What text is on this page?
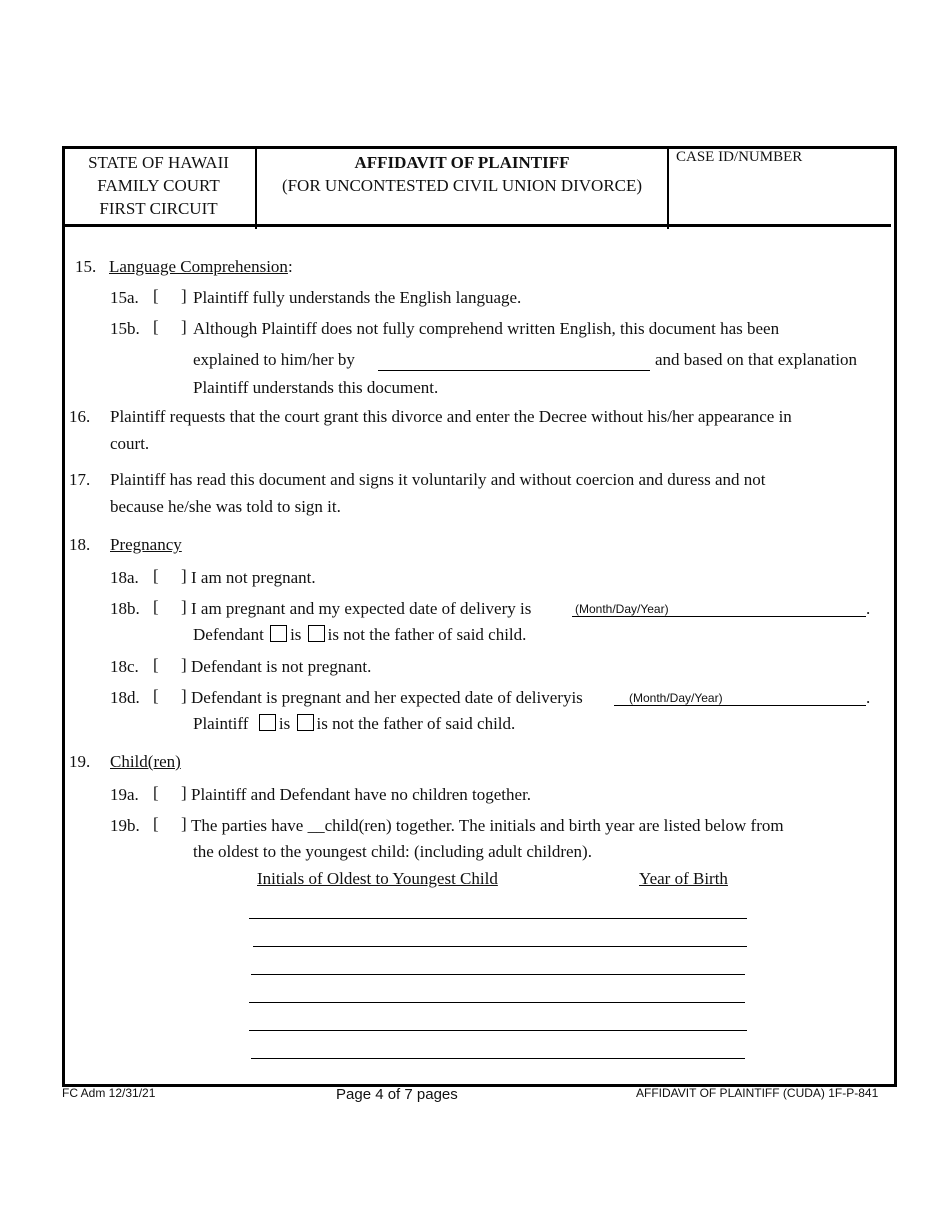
STATE OF HAWAII
FAMILY COURT
FIRST CIRCUIT
AFFIDAVIT OF PLAINTIFF
(FOR UNCONTESTED CIVIL UNION DIVORCE)
CASE ID/NUMBER
15. Language Comprehension:
15a. [ ] Plaintiff fully understands the English language.
15b. [ ] Although Plaintiff does not fully comprehend written English, this document has been
explained to him/her by	and based on that explanation
Plaintiff understands this document.
16. Plaintiff requests that the court grant this divorce and enter the Decree without his/her appearance in
court.
17. Plaintiff has read this document and signs it voluntarily and without coercion and duress and not
because he/she was told to sign it.
18. Pregnancy
18a. [ ] I am not pregnant.
18b. [ ] I am pregnant and my expected date of delivery is	(Month/Day/Year)	.
Defendant is is not the father of said child.
18c. [ ] Defendant is not pregnant.
18d. [ ] Defendant is pregnant and her expected date of deliveryis	(Month/Day/Year)	.
Plaintiff is is not the father of said child.
19. Child(ren)
19a. [ ] Plaintiff and Defendant have no children together.
19b. [ ] The parties have __child(ren) together. The initials and birth year are listed below from
the oldest to the youngest child: (including adult children).
Initials of Oldest to Youngest Child	Year of Birth
FC Adm 12/31/21	Page 4 of 7 pages	AFFIDAVIT OF PLAINTIFF (CUDA) 1F-P-841
